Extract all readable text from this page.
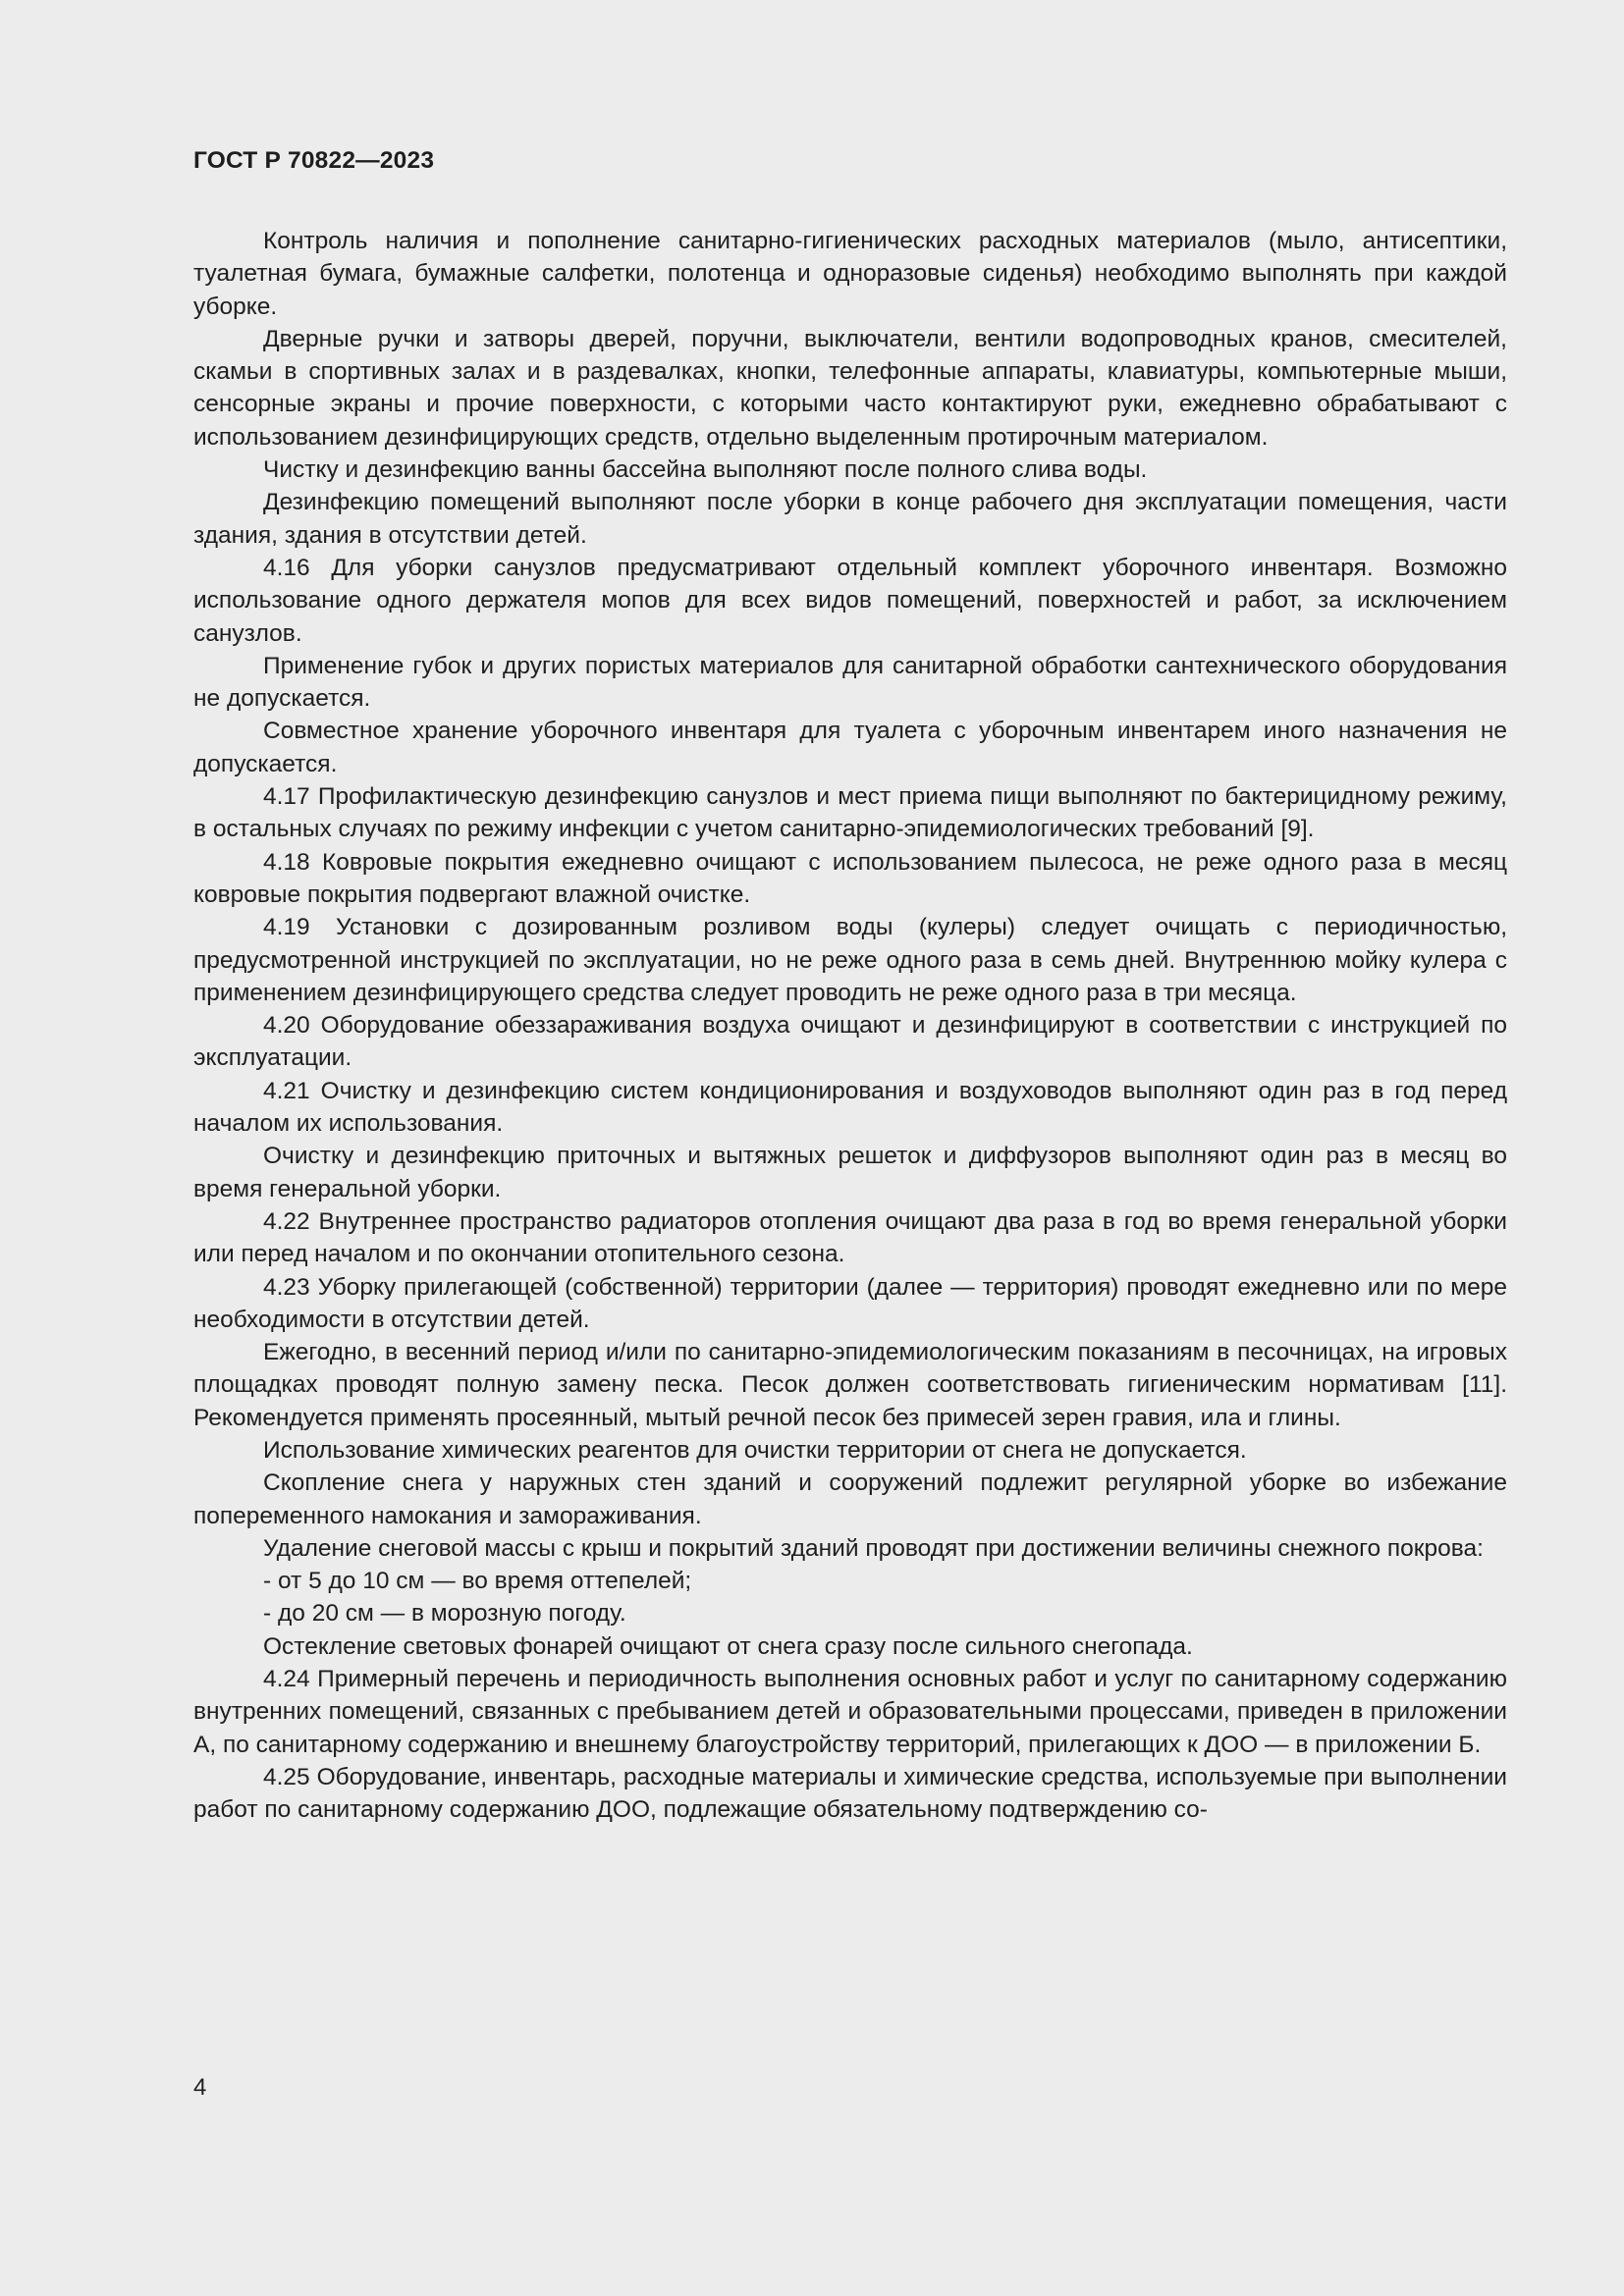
ГОСТ Р 70822—2023

Контроль наличия и пополнение санитарно-гигиенических расходных материалов (мыло, антисептики, туалетная бумага, бумажные салфетки, полотенца и одноразовые сиденья) необходимо выполнять при каждой уборке.

Дверные ручки и затворы дверей, поручни, выключатели, вентили водопроводных кранов, смесителей, скамьи в спортивных залах и в раздевалках, кнопки, телефонные аппараты, клавиатуры, компьютерные мыши, сенсорные экраны и прочие поверхности, с которыми часто контактируют руки, ежедневно обрабатывают с использованием дезинфицирующих средств, отдельно выделенным протирочным материалом.

Чистку и дезинфекцию ванны бассейна выполняют после полного слива воды.

Дезинфекцию помещений выполняют после уборки в конце рабочего дня эксплуатации помещения, части здания, здания в отсутствии детей.

4.16 Для уборки санузлов предусматривают отдельный комплект уборочного инвентаря. Возможно использование одного держателя мопов для всех видов помещений, поверхностей и работ, за исключением санузлов.

Применение губок и других пористых материалов для санитарной обработки сантехнического оборудования не допускается.

Совместное хранение уборочного инвентаря для туалета с уборочным инвентарем иного назначения не допускается.

4.17 Профилактическую дезинфекцию санузлов и мест приема пищи выполняют по бактерицидному режиму, в остальных случаях по режиму инфекции с учетом санитарно-эпидемиологических требований [9].

4.18 Ковровые покрытия ежедневно очищают с использованием пылесоса, не реже одного раза в месяц ковровые покрытия подвергают влажной очистке.

4.19 Установки с дозированным розливом воды (кулеры) следует очищать с периодичностью, предусмотренной инструкцией по эксплуатации, но не реже одного раза в семь дней. Внутреннюю мойку кулера с применением дезинфицирующего средства следует проводить не реже одного раза в три месяца.

4.20 Оборудование обеззараживания воздуха очищают и дезинфицируют в соответствии с инструкцией по эксплуатации.

4.21 Очистку и дезинфекцию систем кондиционирования и воздуховодов выполняют один раз в год перед началом их использования.

Очистку и дезинфекцию приточных и вытяжных решеток и диффузоров выполняют один раз в месяц во время генеральной уборки.

4.22 Внутреннее пространство радиаторов отопления очищают два раза в год во время генеральной уборки или перед началом и по окончании отопительного сезона.

4.23 Уборку прилегающей (собственной) территории (далее — территория) проводят ежедневно или по мере необходимости в отсутствии детей.

Ежегодно, в весенний период и/или по санитарно-эпидемиологическим показаниям в песочницах, на игровых площадках проводят полную замену песка. Песок должен соответствовать гигиеническим нормативам [11]. Рекомендуется применять просеянный, мытый речной песок без примесей зерен гравия, ила и глины.

Использование химических реагентов для очистки территории от снега не допускается.

Скопление снега у наружных стен зданий и сооружений подлежит регулярной уборке во избежание попеременного намокания и замораживания.

Удаление снеговой массы с крыш и покрытий зданий проводят при достижении величины снежного покрова:

- от 5 до 10 см — во время оттепелей;

- до 20 см — в морозную погоду.

Остекление световых фонарей очищают от снега сразу после сильного снегопада.

4.24 Примерный перечень и периодичность выполнения основных работ и услуг по санитарному содержанию внутренних помещений, связанных с пребыванием детей и образовательными процессами, приведен в приложении А, по санитарному содержанию и внешнему благоустройству территорий, прилегающих к ДОО — в приложении Б.

4.25 Оборудование, инвентарь, расходные материалы и химические средства, используемые при выполнении работ по санитарному содержанию ДОО, подлежащие обязательному подтверждению со-

4
